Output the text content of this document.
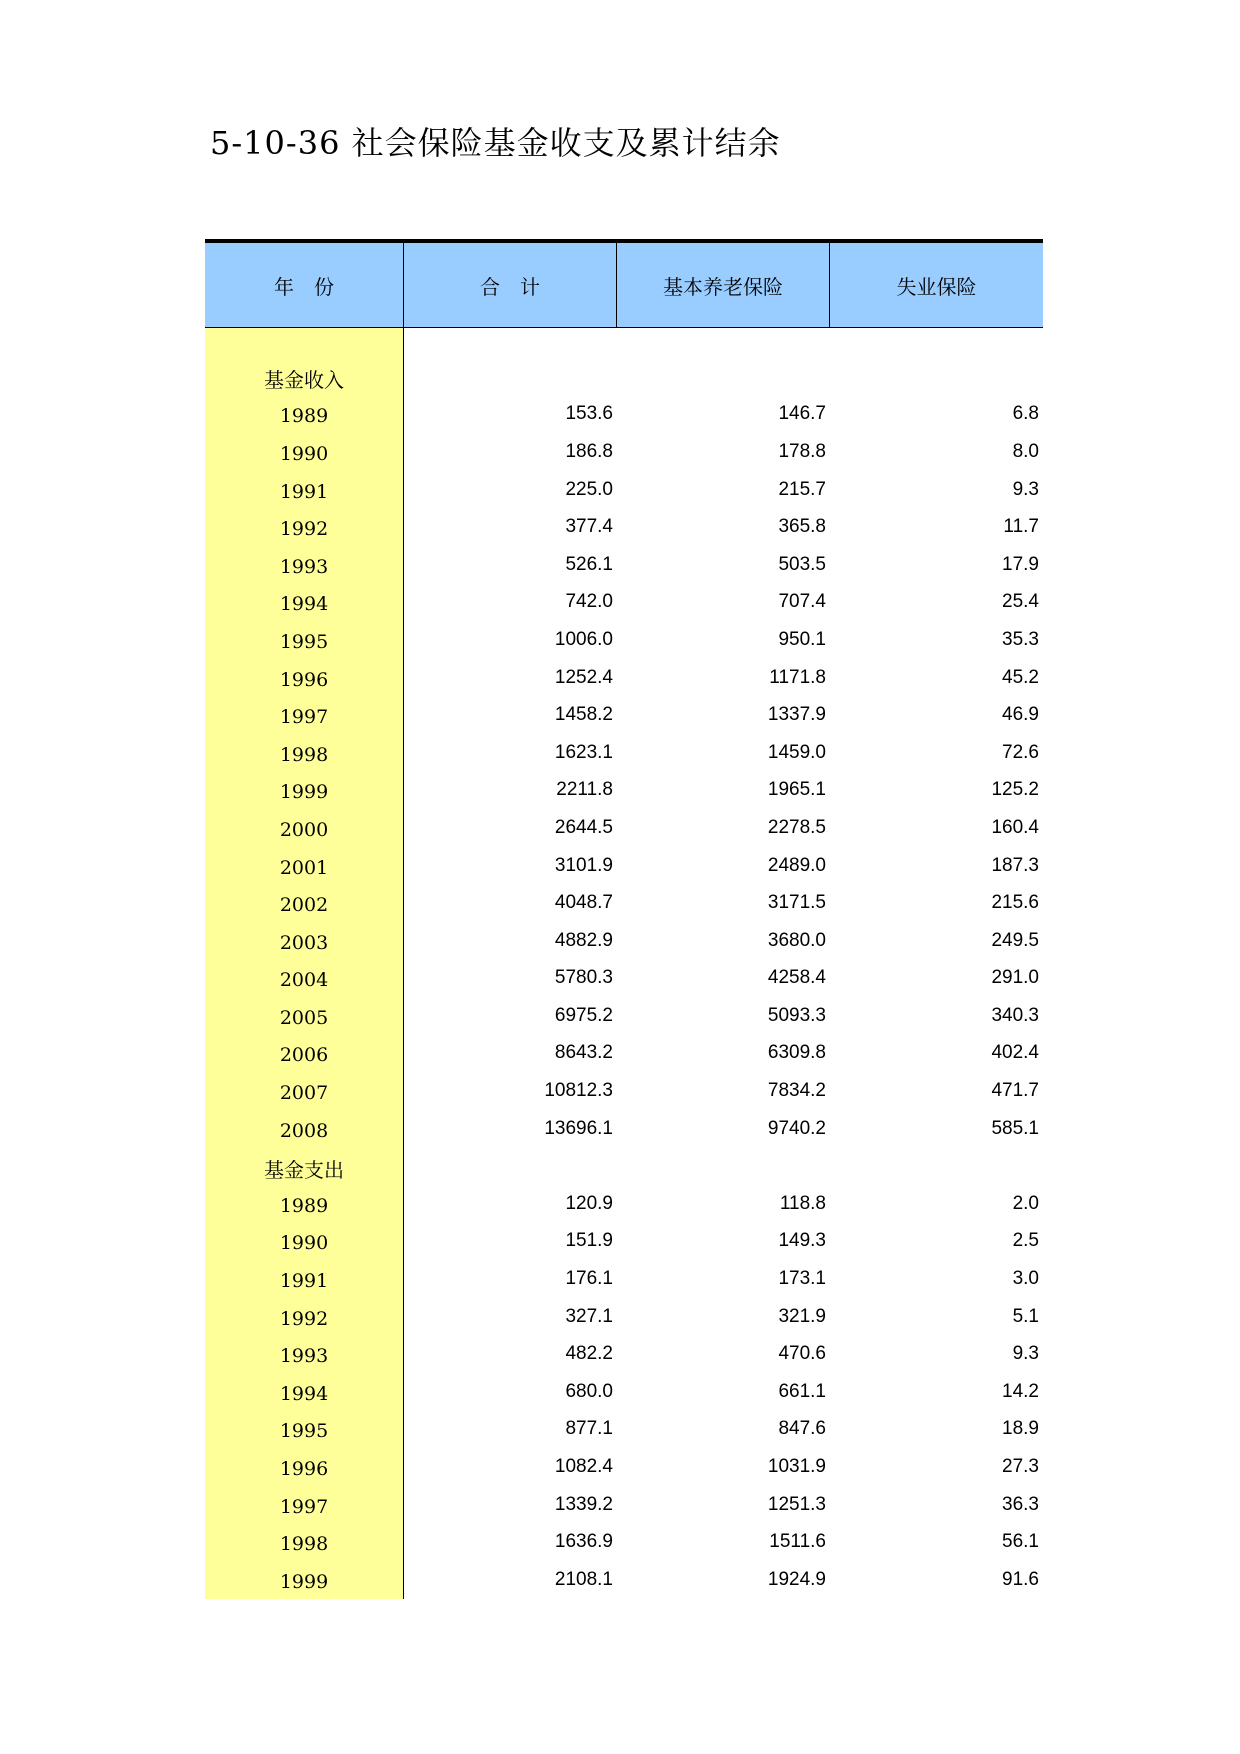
5-10-36 社会保险基金收支及累计结余
年　份	合　计	基本养老保险	失业保险
基金收入
1989	153.6	146.7	6.8
1990	186.8	178.8	8.0
1991	225.0	215.7	9.3
1992	377.4	365.8	11.7
1993	526.1	503.5	17.9
1994	742.0	707.4	25.4
1995	1006.0	950.1	35.3
1996	1252.4	1171.8	45.2
1997	1458.2	1337.9	46.9
1998	1623.1	1459.0	72.6
1999	2211.8	1965.1	125.2
2000	2644.5	2278.5	160.4
2001	3101.9	2489.0	187.3
2002	4048.7	3171.5	215.6
2003	4882.9	3680.0	249.5
2004	5780.3	4258.4	291.0
2005	6975.2	5093.3	340.3
2006	8643.2	6309.8	402.4
2007	10812.3	7834.2	471.7
2008	13696.1	9740.2	585.1
基金支出
1989	120.9	118.8	2.0
1990	151.9	149.3	2.5
1991	176.1	173.1	3.0
1992	327.1	321.9	5.1
1993	482.2	470.6	9.3
1994	680.0	661.1	14.2
1995	877.1	847.6	18.9
1996	1082.4	1031.9	27.3
1997	1339.2	1251.3	36.3
1998	1636.9	1511.6	56.1
1999	2108.1	1924.9	91.6
